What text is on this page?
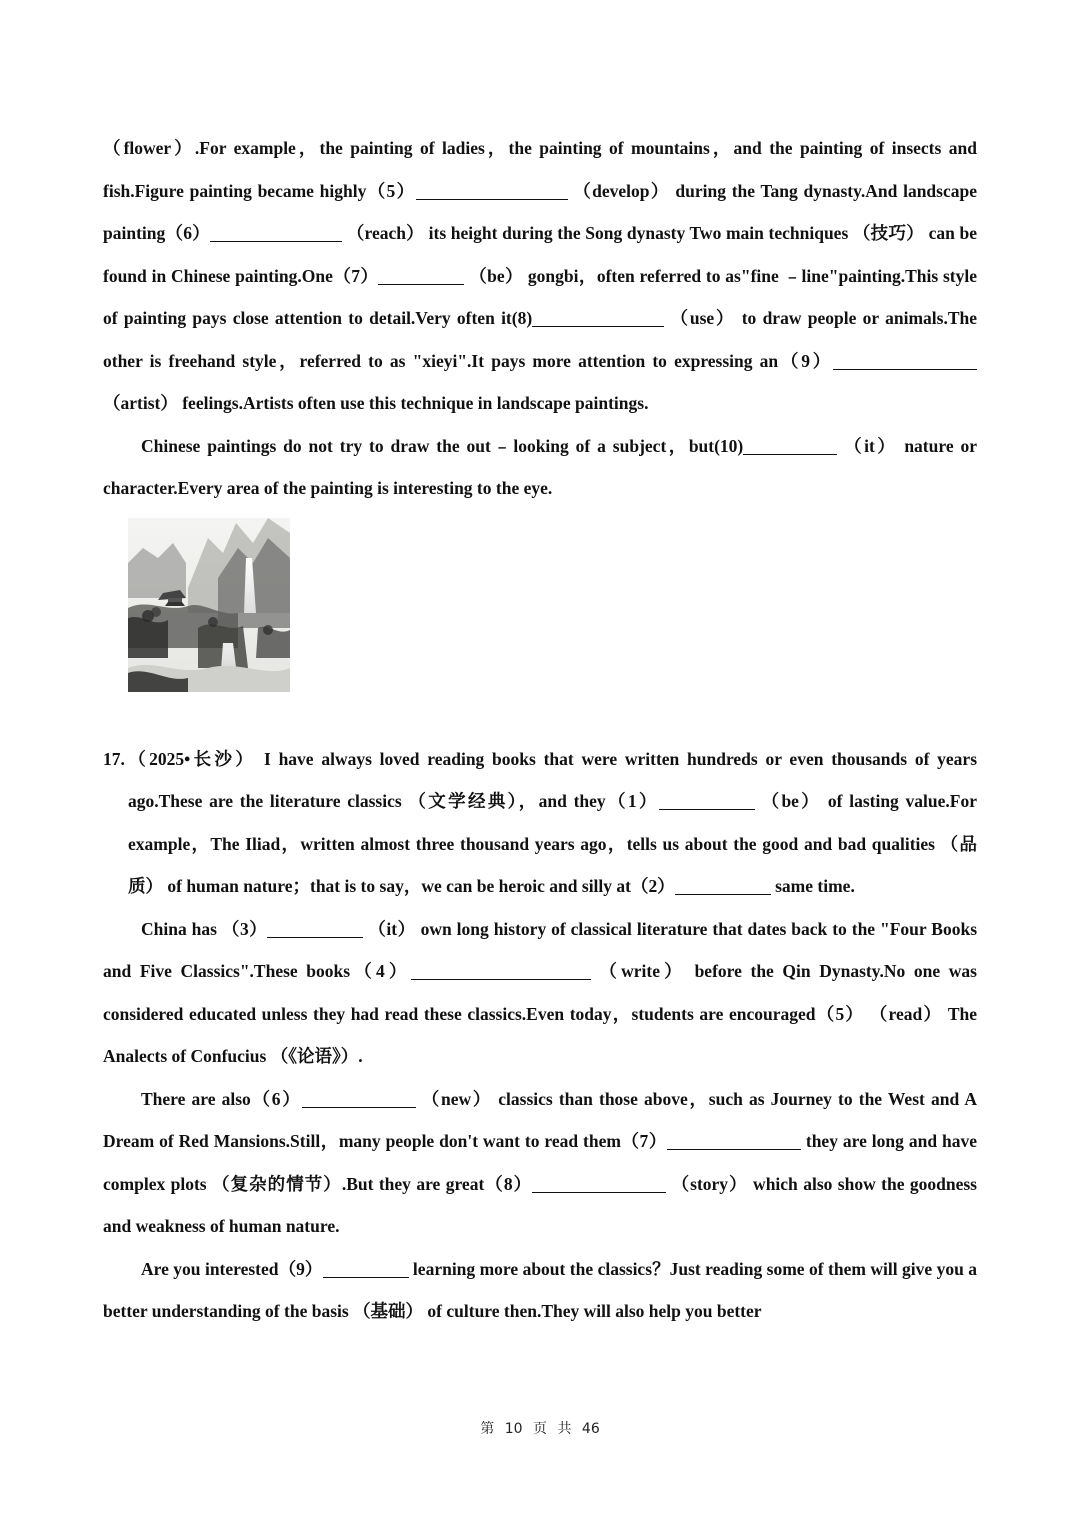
（flower）.For example，the painting of ladies，the painting of mountains，and the painting of insects and fish.Figure painting became highly（5）	（develop） during the Tang dynasty.And landscape painting（6）	（reach） its height during the Song dynasty Two main techniques （技巧） can be found in Chinese painting.One（7）	（be） gongbi，often referred to as"fine ﹣line"painting.This style of painting pays close attention to detail.Very often it(8)	（use） to draw people or animals.The other is freehand style，referred to as "xieyi".It pays more attention to expressing an（9） （artist） feelings.Artists often use this technique in landscape paintings.

Chinese paintings do not try to draw the out﹣looking of a subject，but(10)	（it） nature or character.Every area of the painting is interesting to the eye.

17.（2025•长沙） I have always loved reading books that were written hundreds or even thousands of years ago.These are the literature classics （文学经典），and they（1）	（be） of lasting value.For example，The Iliad，written almost three thousand years ago，tells us about the good and bad qualities （品质） of human nature；that is to say，we can be heroic and silly at（2）	same time.

China has （3）	（it） own long history of classical literature that dates back to the "Four Books and Five Classics".These books（4）	（write） before the Qin Dynasty.No one was considered educated unless they had read these classics.Even today，students are encouraged（5） （read） The Analects of Confucius （《论语》）.

There are also（6）	（new） classics than those above，such as Journey to the West and A Dream of Red Mansions.Still，many people don't want to read them（7）	they are long and have complex plots （复杂的情节）.But they are great（8）	（story） which also show the goodness and weakness of human nature.

Are you interested（9）	learning more about the classics？Just reading some of them will give you a better understanding of the basis （基础） of culture then.They will also help you better

第 10 页 共 46
